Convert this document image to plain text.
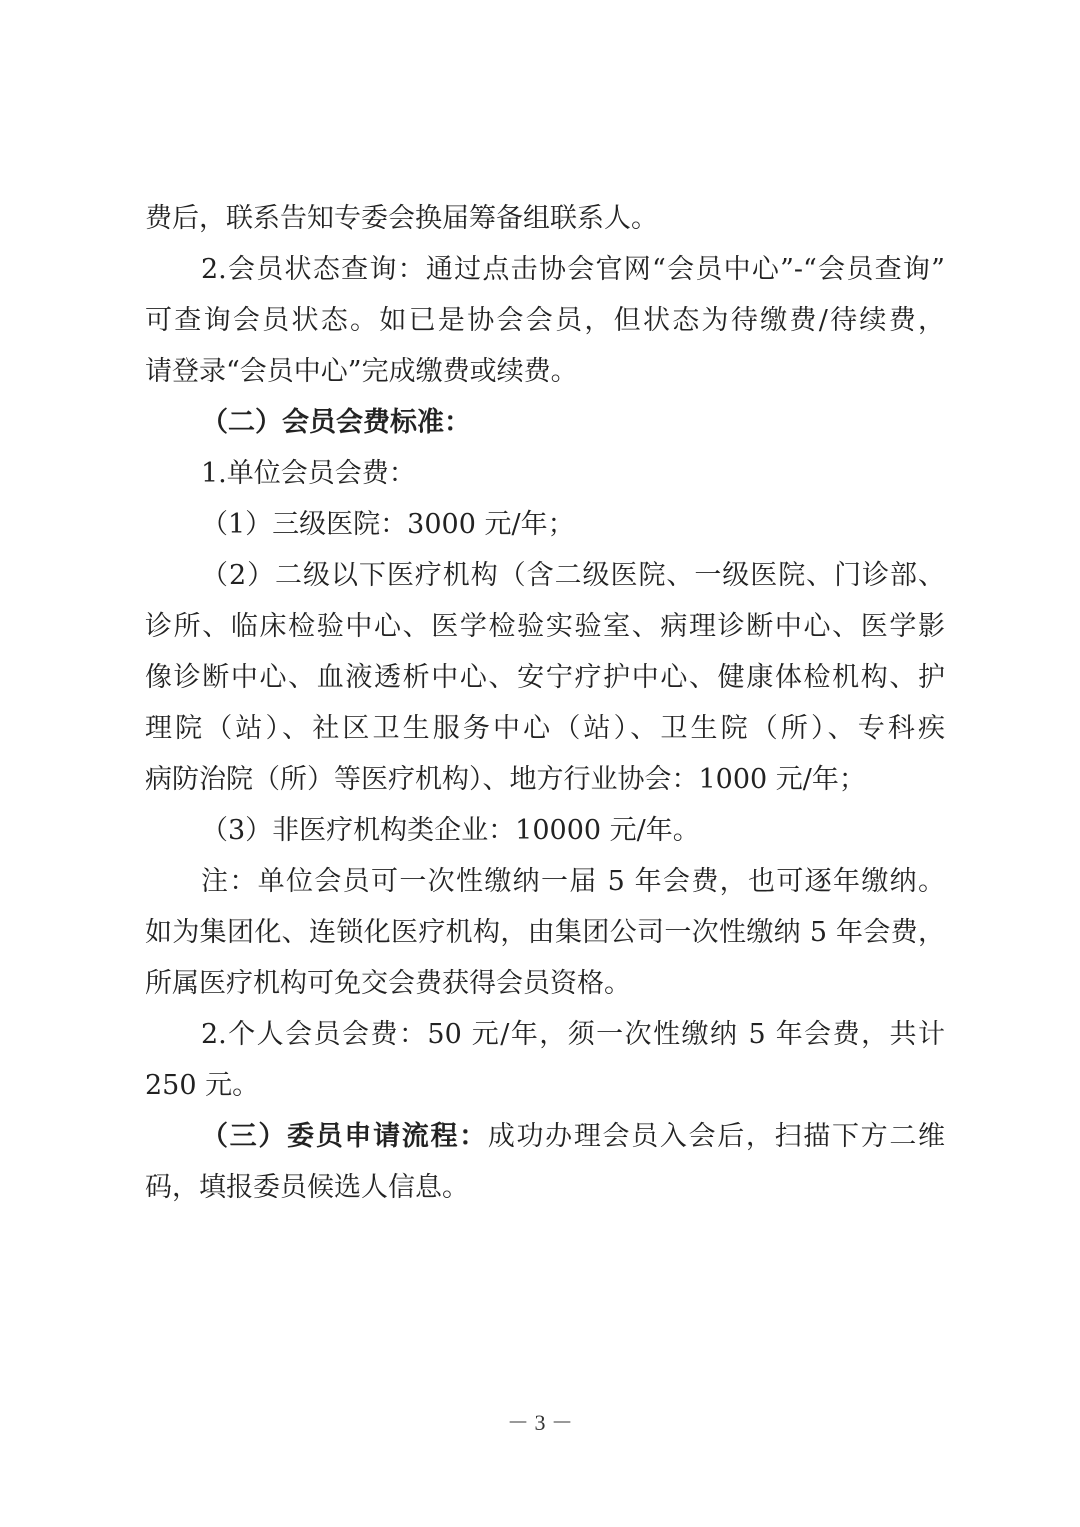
费后，联系告知专委会换届筹备组联系人。
2.会员状态查询：通过点击协会官网“会员中心”-“会员查询”
可查询会员状态。如已是协会会员，但状态为待缴费/待续费，
请登录“会员中心”完成缴费或续费。
（二）会员会费标准：
1.单位会员会费：
（1）三级医院：3000 元/年；
（2）二级以下医疗机构（含二级医院、一级医院、门诊部、
诊所、临床检验中心、医学检验实验室、病理诊断中心、医学影
像诊断中心、血液透析中心、安宁疗护中心、健康体检机构、护
理院（站）、社区卫生服务中心（站）、卫生院（所）、专科疾
病防治院（所）等医疗机构）、地方行业协会：1000 元/年；
（3）非医疗机构类企业：10000 元/年。
注：单位会员可一次性缴纳一届 5 年会费，也可逐年缴纳。
如为集团化、连锁化医疗机构，由集团公司一次性缴纳 5 年会费，
所属医疗机构可免交会费获得会员资格。
2.个人会员会费：50 元/年，须一次性缴纳 5 年会费，共计
250 元。
（三）委员申请流程：成功办理会员入会后，扫描下方二维
码，填报委员候选人信息。
－ 3 －
